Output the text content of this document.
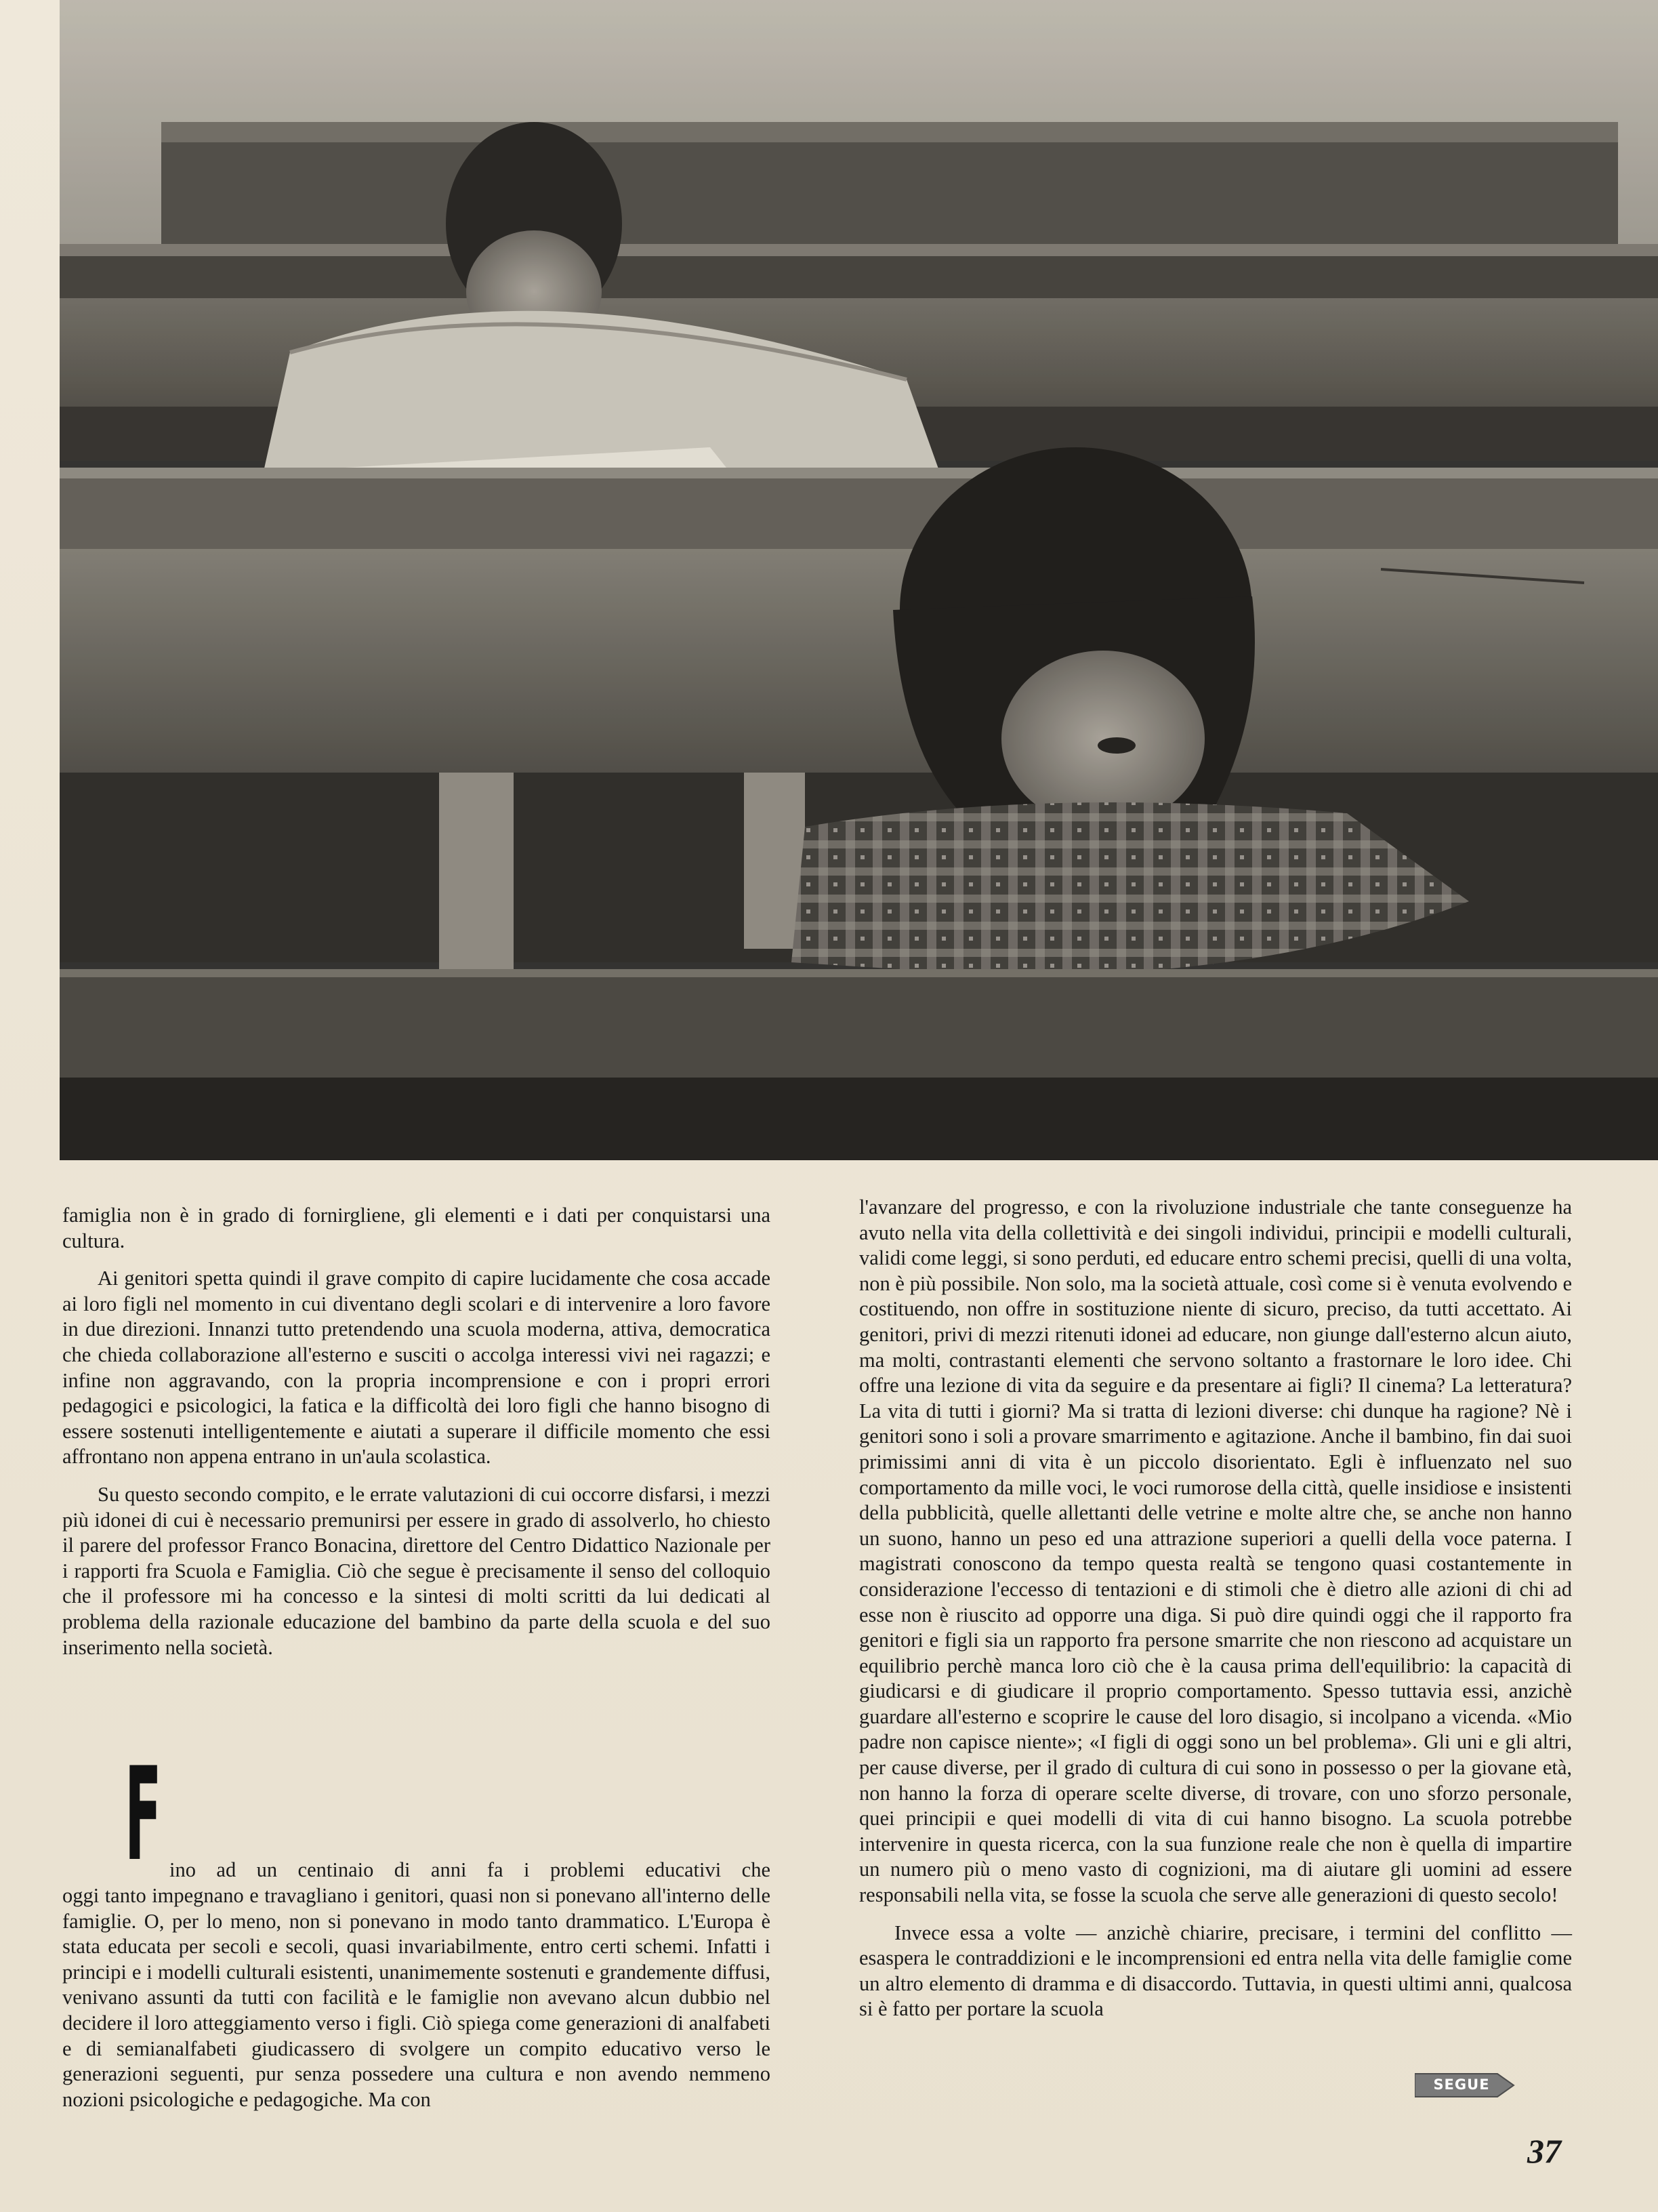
famiglia non è in grado di fornirgliene, gli elementi e i dati per conquistarsi una cultura.

Ai genitori spetta quindi il grave compito di capire lucidamente che cosa accade ai loro figli nel momento in cui diventano degli scolari e di intervenire a loro favore in due direzioni. Innanzi tutto pretendendo una scuola moderna, attiva, democratica che chieda collaborazione all'esterno e susciti o accolga interessi vivi nei ragazzi; e infine non aggravando, con la propria incomprensione e con i propri errori pedagogici e psicologici, la fatica e la difficoltà dei loro figli che hanno bisogno di essere sostenuti intelligentemente e aiutati a superare il difficile momento che essi affrontano non appena entrano in un'aula scolastica.

Su questo secondo compito, e le errate valutazioni di cui occorre disfarsi, i mezzi più idonei di cui è necessario premunirsi per essere in grado di assolverlo, ho chiesto il parere del professor Franco Bonacina, direttore del Centro Didattico Nazionale per i rapporti fra Scuola e Famiglia. Ciò che segue è precisamente il senso del colloquio che il professore mi ha concesso e la sintesi di molti scritti da lui dedicati al problema della razionale educazione del bambino da parte della scuola e del suo inserimento nella società.

F ino ad un centinaio di anni fa i problemi educativi che
oggi tanto impegnano e travagliano i genitori, quasi non si ponevano all'interno delle famiglie. O, per lo meno, non si ponevano in modo tanto drammatico. L'Europa è stata educata per secoli e secoli, quasi invariabilmente, entro certi schemi. Infatti i principi e i modelli culturali esistenti, unanimemente sostenuti e grandemente diffusi, venivano assunti da tutti con facilità e le famiglie non avevano alcun dubbio nel decidere il loro atteggiamento verso i figli. Ciò spiega come generazioni di analfabeti e di semianalfabeti giudicassero di svolgere un compito educativo verso le generazioni seguenti, pur senza possedere una cultura e non avendo nemmeno nozioni psicologiche e pedagogiche. Ma con

l'avanzare del progresso, e con la rivoluzione industriale che tante conseguenze ha avuto nella vita della collettività e dei singoli individui, principii e modelli culturali, validi come leggi, si sono perduti, ed educare entro schemi precisi, quelli di una volta, non è più possibile. Non solo, ma la società attuale, così come si è venuta evolvendo e costituendo, non offre in sostituzione niente di sicuro, preciso, da tutti accettato. Ai genitori, privi di mezzi ritenuti idonei ad educare, non giunge dall'esterno alcun aiuto, ma molti, contrastanti elementi che servono soltanto a frastornare le loro idee. Chi offre una lezione di vita da seguire e da presentare ai figli? Il cinema? La letteratura? La vita di tutti i giorni? Ma si tratta di lezioni diverse: chi dunque ha ragione? Nè i genitori sono i soli a provare smarrimento e agitazione. Anche il bambino, fin dai suoi primissimi anni di vita è un piccolo disorientato. Egli è influenzato nel suo comportamento da mille voci, le voci rumorose della città, quelle insidiose e insistenti della pubblicità, quelle allettanti delle vetrine e molte altre che, se anche non hanno un suono, hanno un peso ed una attrazione superiori a quelli della voce paterna. I magistrati conoscono da tempo questa realtà se tengono quasi costantemente in considerazione l'eccesso di tentazioni e di stimoli che è dietro alle azioni di chi ad esse non è riuscito ad opporre una diga. Si può dire quindi oggi che il rapporto fra genitori e figli sia un rapporto fra persone smarrite che non riescono ad acquistare un equilibrio perchè manca loro ciò che è la causa prima dell'equilibrio: la capacità di giudicarsi e di giudicare il proprio comportamento. Spesso tuttavia essi, anzichè guardare all'esterno e scoprire le cause del loro disagio, si incolpano a vicenda. «Mio padre non capisce niente»; «I figli di oggi sono un bel problema». Gli uni e gli altri, per cause diverse, per il grado di cultura di cui sono in possesso o per la giovane età, non hanno la forza di operare scelte diverse, di trovare, con uno sforzo personale, quei principii e quei modelli di vita di cui hanno bisogno. La scuola potrebbe intervenire in questa ricerca, con la sua funzione reale che non è quella di impartire un numero più o meno vasto di cognizioni, ma di aiutare gli uomini ad essere responsabili nella vita, se fosse la scuola che serve alle generazioni di questo secolo!

Invece essa a volte — anzichè chiarire, precisare, i termini del conflitto — esaspera le contraddizioni e le incomprensioni ed entra nella vita delle famiglie come un altro elemento di dramma e di disaccordo. Tuttavia, in questi ultimi anni, qualcosa si è fatto per portare la scuola

SEGUE
37
